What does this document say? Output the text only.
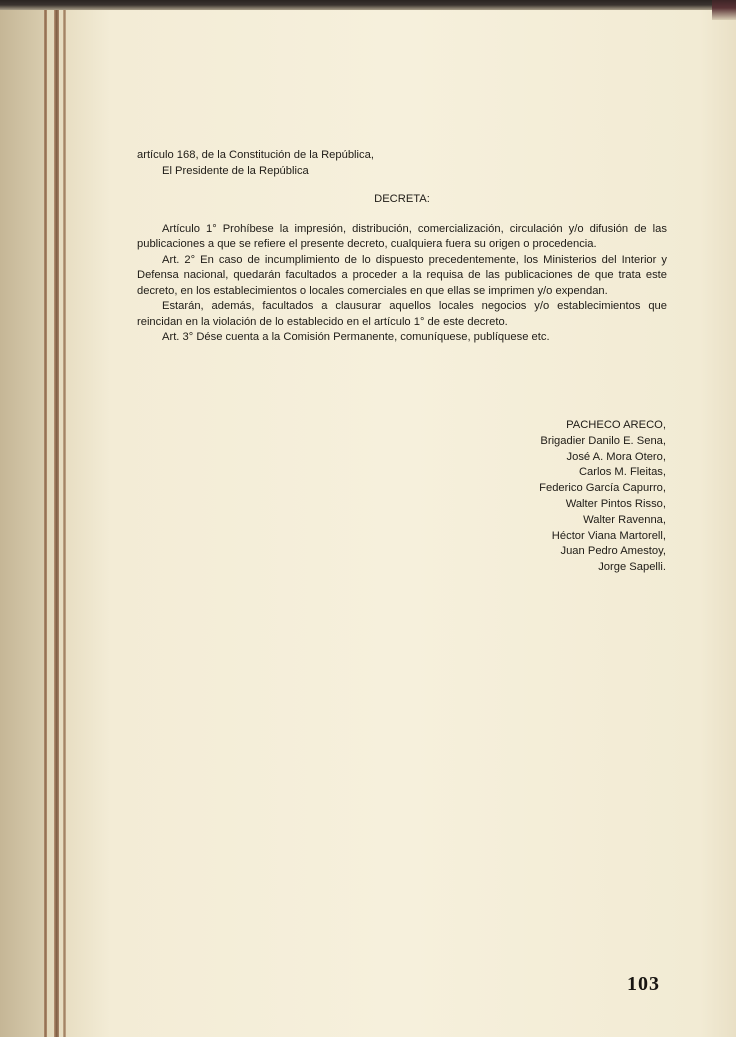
artículo 168, de la Constitución de la República,

El Presidente de la República

DECRETA:

Artículo 1° Prohíbese la impresión, distribución, comercialización, circulación y/o difusión de las publicaciones a que se refiere el presente decreto, cualquiera fuera su origen o procedencia.

Art. 2° En caso de incumplimiento de lo dispuesto precedentemente, los Ministerios del Interior y Defensa nacional, quedarán facultados a proceder a la requisa de las publicaciones de que trata este decreto, en los establecimientos o locales comerciales en que ellas se imprimen y/o expendan.

Estarán, además, facultados a clausurar aquellos locales negocios y/o establecimientos que reincidan en la violación de lo establecido en el artículo 1° de este decreto.

Art. 3° Dése cuenta a la Comisión Permanente, comuníquese, publíquese etc.

PACHECO ARECO,
Brigadier Danilo E. Sena,
José A. Mora Otero,
Carlos M. Fleitas,
Federico García Capurro,
Walter Pintos Risso,
Walter Ravenna,
Héctor Viana Martorell,
Juan Pedro Amestoy,
Jorge Sapelli.
103
